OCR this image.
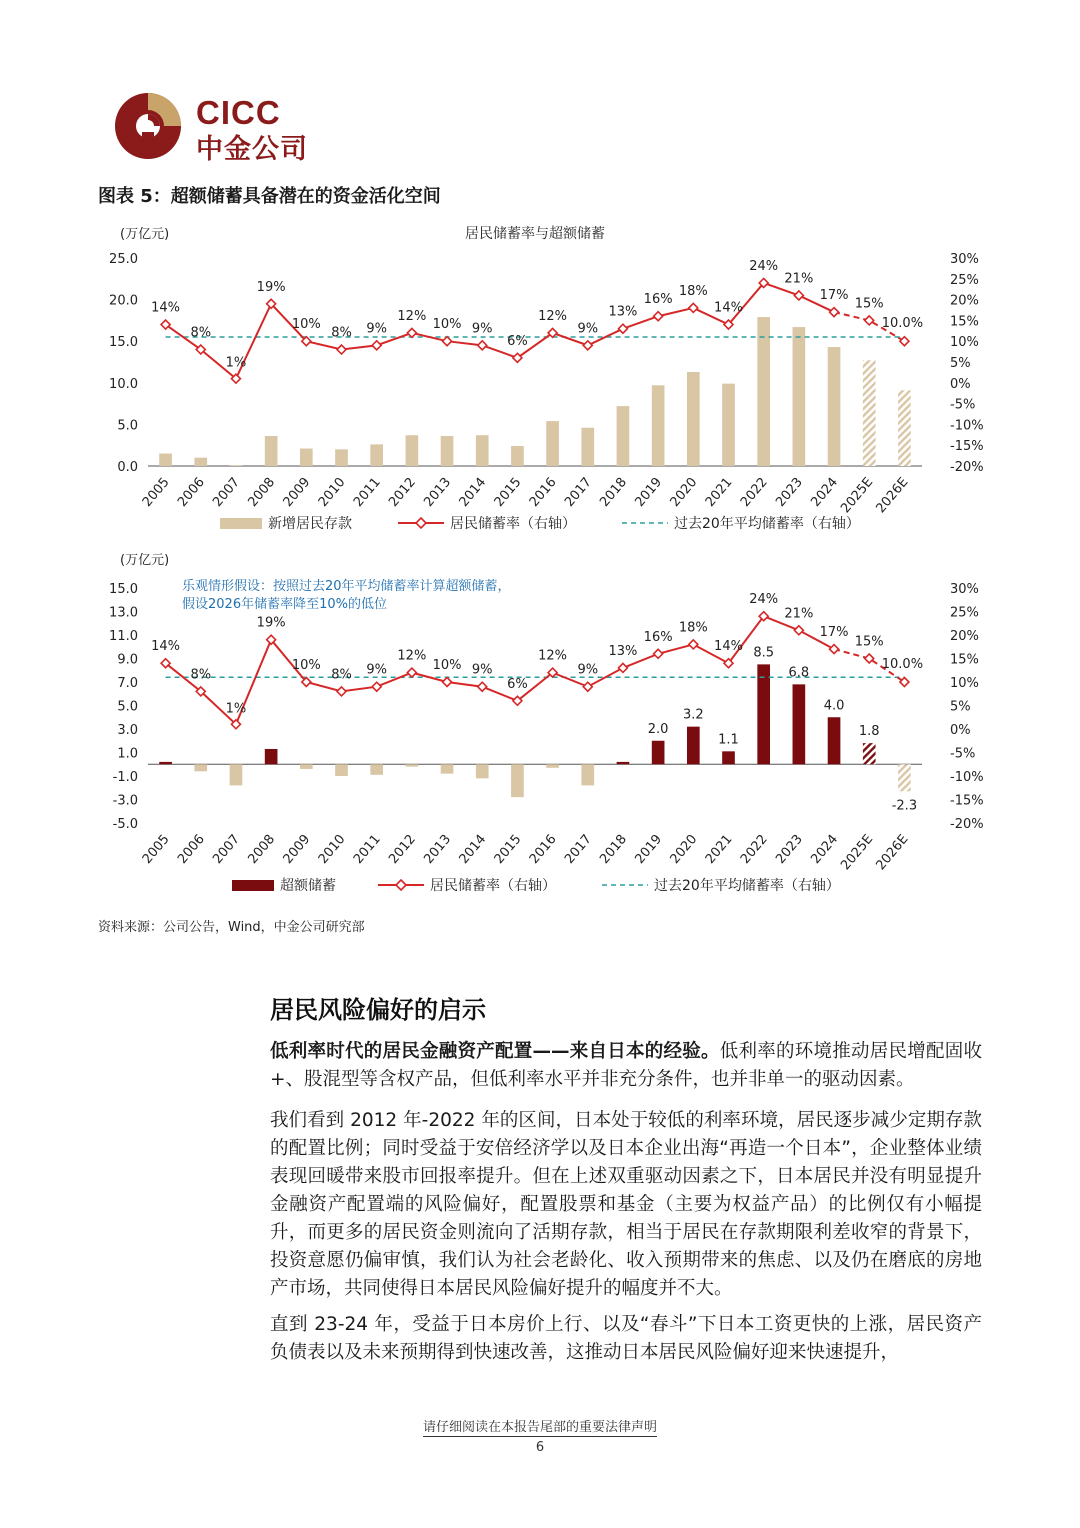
CICC
中金公司
图表 5：超额储蓄具备潜在的资金活化空间
(万亿元)	居民储蓄率与超额储蓄
25.0
20.0
15.0
10.0
5.0
0.0
30%
25%
20%
15%
10%
5%
0%
-5%
-10%
-15%
-20%
2005 2006 2007 2008 2009 2010 2011 2012 2013 2014 2015 2016 2017 2018 2019 2020 2021 2022 2023 2024
2025E
2026E
14%
8%
1%
19%
10%
8% 9%
12%
10% 9%
6%
12%
9%
13%
16%
18%
14%
24%
21%
17%
15%
10.0%
新增居民存款	居民储蓄率（右轴）	过去20年平均储蓄率（右轴）
(万亿元)
15.0
13.0
11.0
9.0
7.0
5.0
3.0
1.0
-1.0
-3.0
-5.0
30%
25%
20%
15%
10%
5%
0%
-5%
-10%
-15%
-20%
2005 2006 2007 2008 2009 2010 2011 2012 2013 2014 2015 2016 2017 2018 2019 2020 2021 2022 2023 2024
2025E
2026E
2.0
3.2
1.1
8.5
6.8
4.0
1.8
-2.3
14%
8%
1%
19%
10%
8% 9%
12%
10% 9%
6%
12%
9%
13%
16%
18%
14%
24%
21%
17%
15%
10.0%
超额储蓄	居民储蓄率（右轴）	过去20年平均储蓄率（右轴）
乐观情形假设：按照过去20年平均储蓄率计算超额储蓄，
假设2026年储蓄率降至10%的低位
资料来源：公司公告，Wind，中金公司研究部
居民风险偏好的启示
低利率时代的居民金融资产配置——来自日本的经验。低利率的环境推动居民增配固收+、股混型等含权产品，但低利率水平并非充分条件，也并非单一的驱动因素。
我们看到 2012 年-2022 年的区间，日本处于较低的利率环境，居民逐步减少定期存款的配置比例；同时受益于安倍经济学以及日本企业出海“再造一个日本”，企业整体业绩表现回暖带来股市回报率提升。但在上述双重驱动因素之下，日本居民并没有明显提升金融资产配置端的风险偏好，配置股票和基金（主要为权益产品）的比例仅有小幅提升，而更多的居民资金则流向了活期存款，相当于居民在存款期限利差收窄的背景下，投资意愿仍偏审慎，我们认为社会老龄化、收入预期带来的焦虑、以及仍在磨底的房地产市场，共同使得日本居民风险偏好提升的幅度并不大。
直到 23-24 年，受益于日本房价上行、以及“春斗”下日本工资更快的上涨，居民资产负债表以及未来预期得到快速改善，这推动日本居民风险偏好迎来快速提升，
请仔细阅读在本报告尾部的重要法律声明
6
